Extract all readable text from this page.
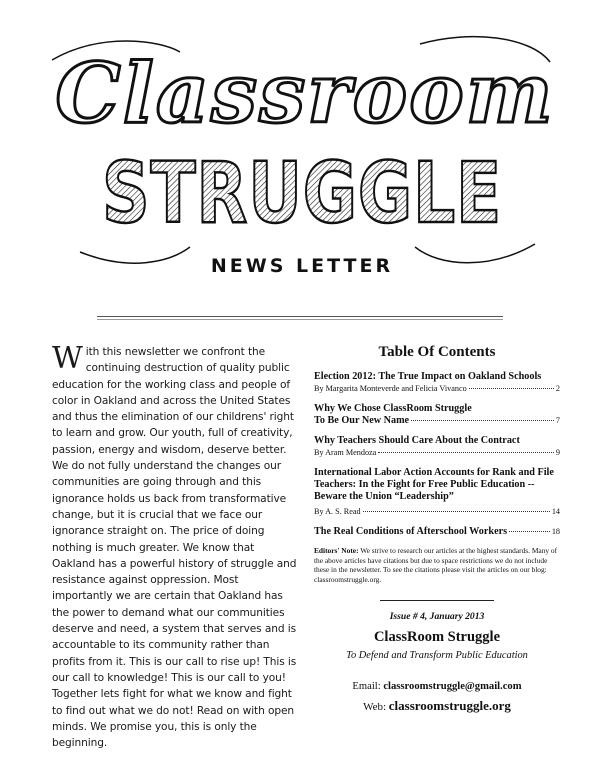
Classroom
STRUGGLE
NEWS LETTER

With this newsletter we confront the continuing destruction of quality public education for the working class and people of color in Oakland and across the United States and thus the elimination of our childrens' right to learn and grow. Our youth, full of creativity, passion, energy and wisdom, deserve better. We do not fully understand the changes our communities are going through and this ignorance holds us back from transformative change, but it is crucial that we face our ignorance straight on. The price of doing nothing is much greater. We know that Oakland has a powerful history of struggle and resistance against oppression. Most importantly we are certain that Oakland has the power to demand what our communities deserve and need, a system that serves and is accountable to its community rather than profits from it. This is our call to rise up! This is our call to knowledge! This is our call to you! Together lets fight for what we know and fight to find out what we do not! Read on with open minds. We promise you, this is only the beginning.

Table Of Contents
Election 2012: The True Impact on Oakland Schools
By Margarita Monteverde and Felicia Vivanco	2
Why We Chose ClassRoom Struggle
To Be Our New Name	7
Why Teachers Should Care About the Contract
By Aram Mendoza	9
International Labor Action Accounts for Rank and File Teachers: In the Fight for Free Public Education -- Beware the Union “Leadership”
By A. S. Read	14
The Real Conditions of Afterschool Workers	18
Editors' Note: We strive to research our articles at the highest standards. Many of the above articles have citations but due to space restrictions we do not include these in the newsletter. To see the citations please visit the articles on our blog: classroomstruggle.org.
Issue # 4, January 2013
ClassRoom Struggle
To Defend and Transform Public Education
Email: classroomstruggle@gmail.com
Web: classroomstruggle.org
